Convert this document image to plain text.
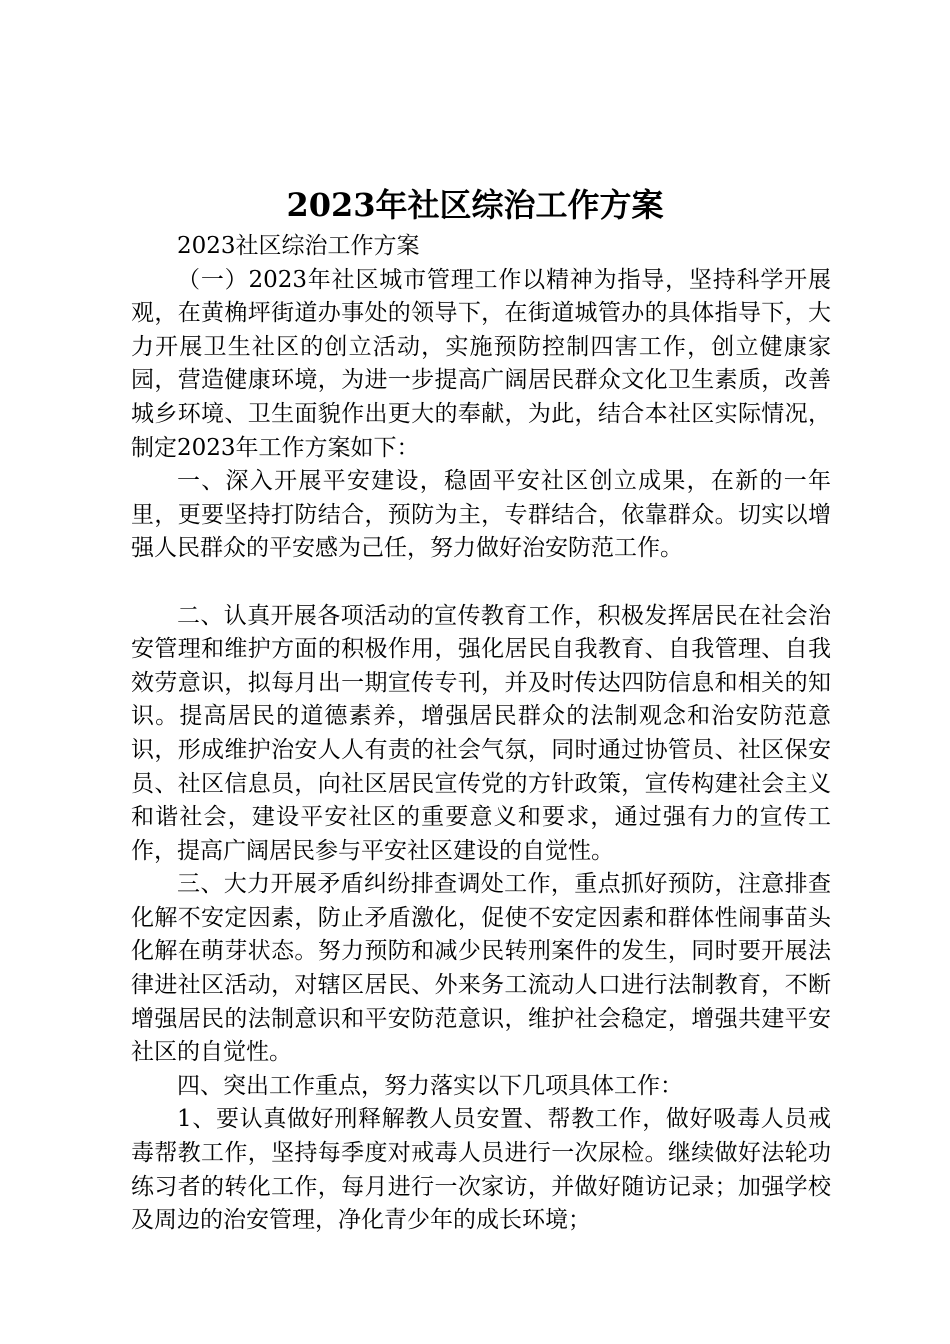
2023年社区综治工作方案

2023社区综治工作方案

（一）2023年社区城市管理工作以精神为指导，坚持科学开展观，在黄桷坪街道办事处的领导下，在街道城管办的具体指导下，大力开展卫生社区的创立活动，实施预防控制四害工作，创立健康家园，营造健康环境，为进一步提高广阔居民群众文化卫生素质，改善城乡环境、卫生面貌作出更大的奉献，为此，结合本社区实际情况，制定2023年工作方案如下：

一、深入开展平安建设，稳固平安社区创立成果，在新的一年里，更要坚持打防结合，预防为主，专群结合，依靠群众。切实以增强人民群众的平安感为己任，努力做好治安防范工作。

二、认真开展各项活动的宣传教育工作，积极发挥居民在社会治安管理和维护方面的积极作用，强化居民自我教育、自我管理、自我效劳意识，拟每月出一期宣传专刊，并及时传达四防信息和相关的知识。提高居民的道德素养，增强居民群众的法制观念和治安防范意识，形成维护治安人人有责的社会气氛，同时通过协管员、社区保安员、社区信息员，向社区居民宣传党的方针政策，宣传构建社会主义和谐社会，建设平安社区的重要意义和要求，通过强有力的宣传工作，提高广阔居民参与平安社区建设的自觉性。

三、大力开展矛盾纠纷排查调处工作，重点抓好预防，注意排查化解不安定因素，防止矛盾激化，促使不安定因素和群体性闹事苗头化解在萌芽状态。努力预防和减少民转刑案件的发生，同时要开展法律进社区活动，对辖区居民、外来务工流动人口进行法制教育，不断增强居民的法制意识和平安防范意识，维护社会稳定，增强共建平安社区的自觉性。

四、突出工作重点，努力落实以下几项具体工作：

1、要认真做好刑释解教人员安置、帮教工作，做好吸毒人员戒毒帮教工作，坚持每季度对戒毒人员进行一次尿检。继续做好法轮功练习者的转化工作，每月进行一次家访，并做好随访记录；加强学校及周边的治安管理，净化青少年的成长环境；
